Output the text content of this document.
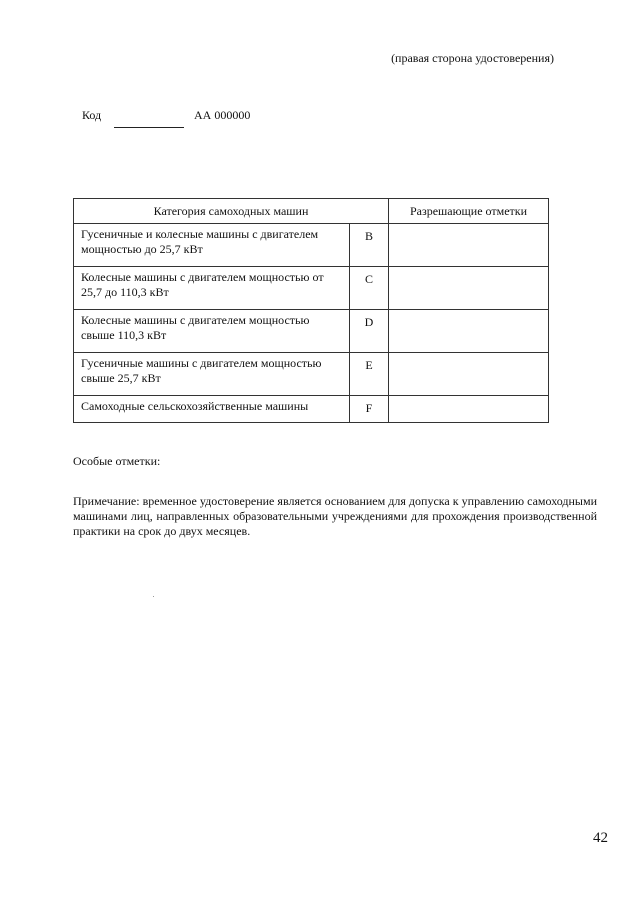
(правая сторона удостоверения)
Код	АА 000000
Категория самоходных машин		Разрешающие отметки
Гусеничные и колесные машины с двигателем мощностью до 25,7 кВт	B	
Колесные машины с двигателем мощностью от 25,7 до 110,3 кВт	C	
Колесные машины с двигателем мощностью свыше 110,3 кВт	D	
Гусеничные машины с двигателем мощностью свыше 25,7 кВт	E	
Самоходные сельскохозяйственные машины	F	
Особые отметки:
Примечание: временное удостоверение является основанием для допуска к управлению самоходными машинами лиц, направленных образовательными учреждениями для прохождения производственной практики на срок до двух месяцев.
42
